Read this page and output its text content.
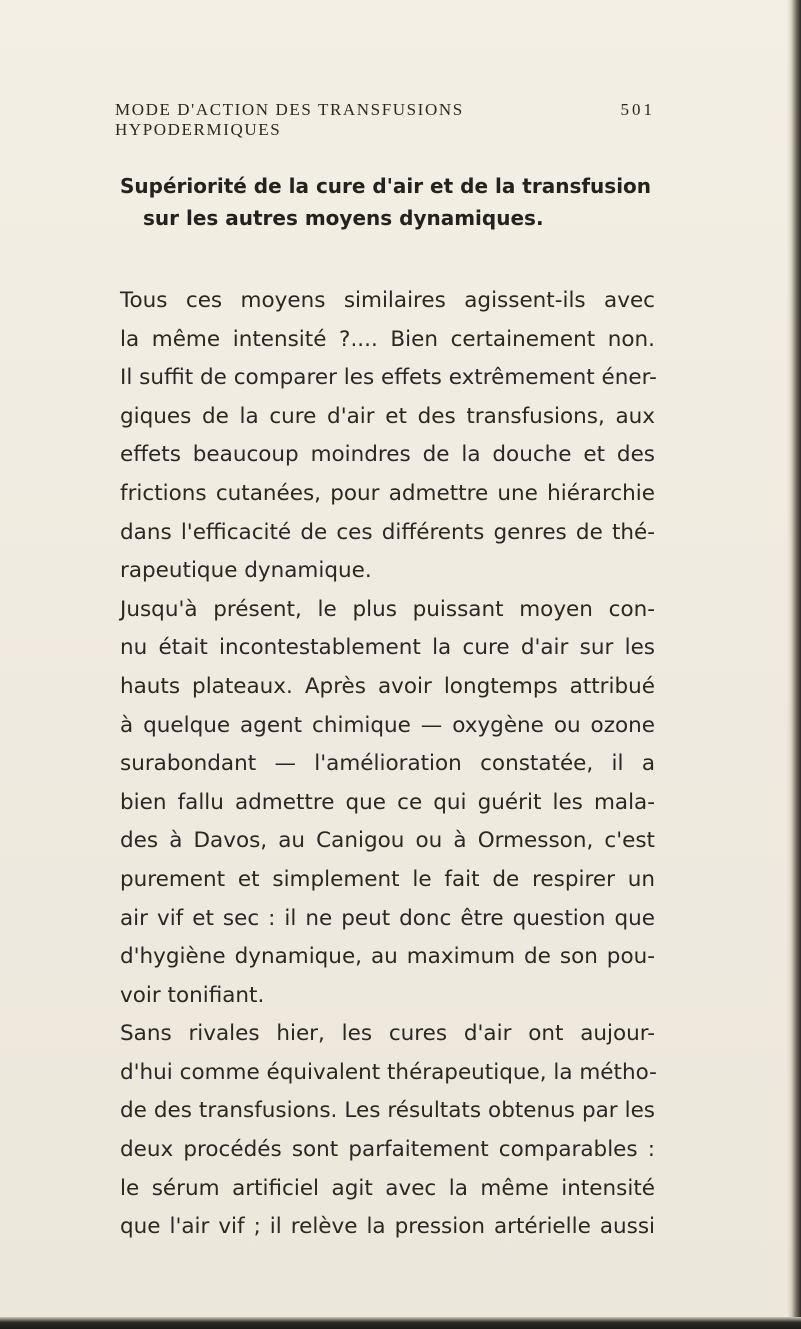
MODE D'ACTION DES TRANSFUSIONS HYPODERMIQUES
501
Supériorité de la cure d'air et de la transfusion
sur les autres moyens dynamiques.
Tous ces moyens similaires agissent-ils avec
la même intensité ?.... Bien certainement non.
Il suffit de comparer les effets extrêmement éner-
giques de la cure d'air et des transfusions, aux
effets beaucoup moindres de la douche et des
frictions cutanées, pour admettre une hiérarchie
dans l'efficacité de ces différents genres de thé-
rapeutique dynamique.
Jusqu'à présent, le plus puissant moyen con-
nu était incontestablement la cure d'air sur les
hauts plateaux. Après avoir longtemps attribué
à quelque agent chimique — oxygène ou ozone
surabondant — l'amélioration constatée, il a
bien fallu admettre que ce qui guérit les mala-
des à Davos, au Canigou ou à Ormesson, c'est
purement et simplement le fait de respirer un
air vif et sec : il ne peut donc être question que
d'hygiène dynamique, au maximum de son pou-
voir tonifiant.
Sans rivales hier, les cures d'air ont aujour-
d'hui comme équivalent thérapeutique, la métho-
de des transfusions. Les résultats obtenus par les
deux procédés sont parfaitement comparables :
le sérum artificiel agit avec la même intensité
que l'air vif ; il relève la pression artérielle aussi
